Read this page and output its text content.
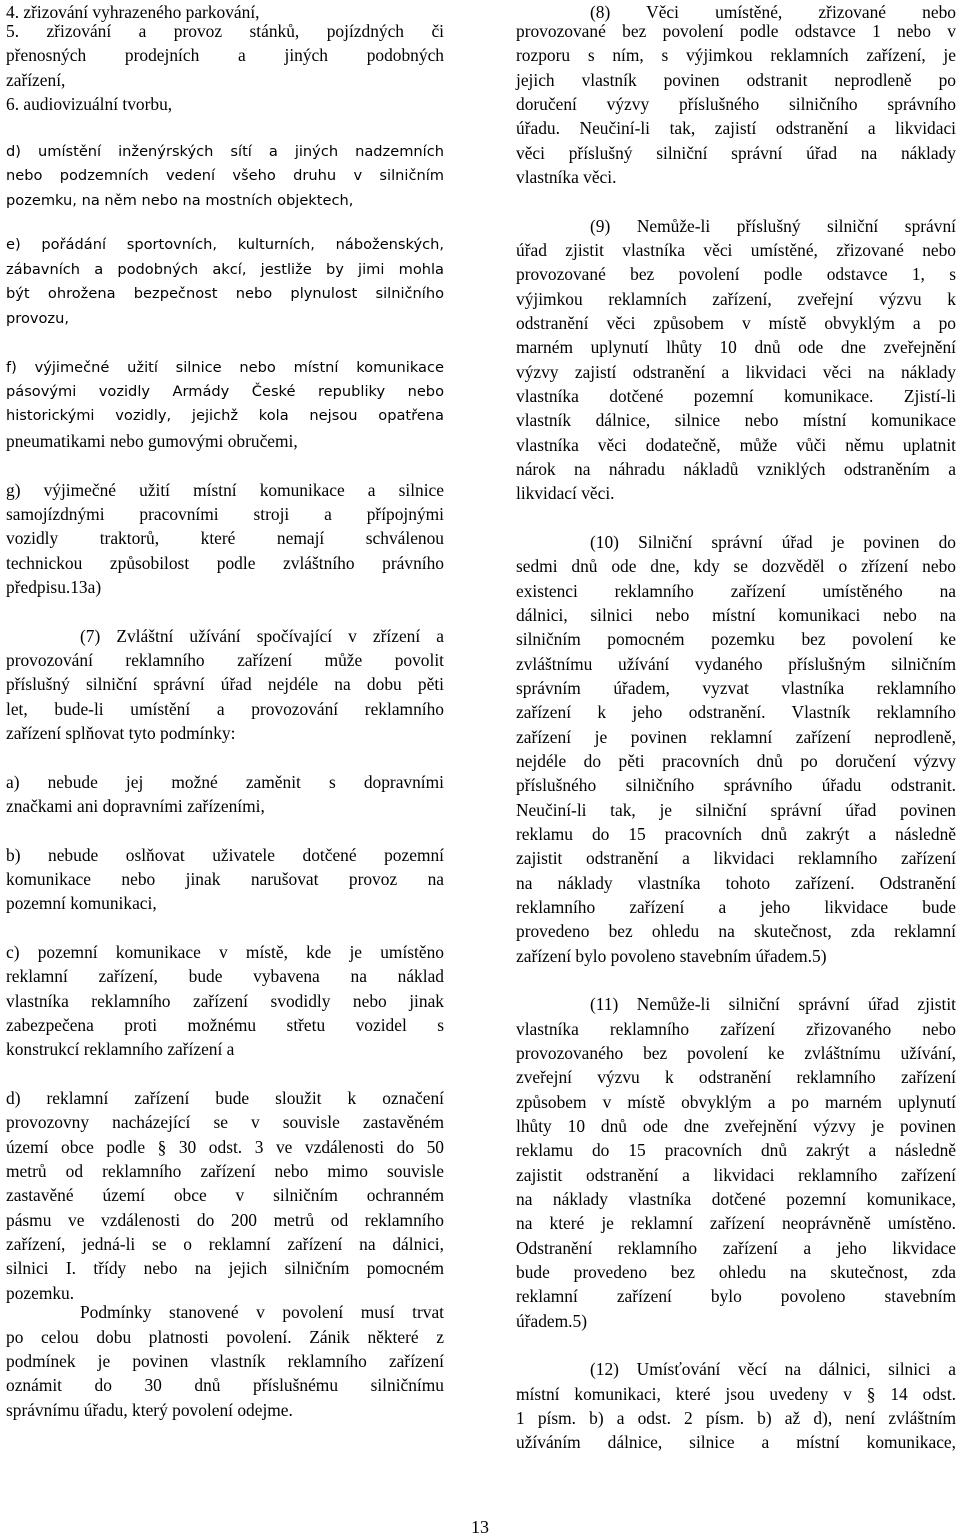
4. zřizování vyhrazeného parkování,
5. zřizování a provoz stánků, pojízdných či
přenosných prodejních a jiných podobných
zařízení,
6. audiovizuální tvorbu,
d) umístění inženýrských sítí a jiných nadzemních
nebo podzemních vedení všeho druhu v silničním
pozemku, na něm nebo na mostních objektech,
e) pořádání sportovních, kulturních, náboženských,
zábavních a podobných akcí, jestliže by jimi mohla
být ohrožena bezpečnost nebo plynulost silničního
provozu,
f) výjimečné užití silnice nebo místní komunikace
pásovými vozidly Armády České republiky nebo
historickými vozidly, jejichž kola nejsou opatřena
pneumatikami nebo gumovými obručemi,
g) výjimečné užití místní komunikace a silnice
samojízdnými pracovními stroji a přípojnými
vozidly traktorů, které nemají schválenou
technickou způsobilost podle zvláštního právního
předpisu.13a)
(7) Zvláštní užívání spočívající v zřízení a
provozování reklamního zařízení může povolit
příslušný silniční správní úřad nejdéle na dobu pěti
let, bude-li umístění a provozování reklamního
zařízení splňovat tyto podmínky:
a) nebude jej možné zaměnit s dopravními
značkami ani dopravními zařízeními,
b) nebude oslňovat uživatele dotčené pozemní
komunikace nebo jinak narušovat provoz na
pozemní komunikaci,
c) pozemní komunikace v místě, kde je umístěno
reklamní zařízení, bude vybavena na náklad
vlastníka reklamního zařízení svodidly nebo jinak
zabezpečena proti možnému střetu vozidel s
konstrukcí reklamního zařízení a
d) reklamní zařízení bude sloužit k označení
provozovny nacházející se v souvisle zastavěném
území obce podle § 30 odst. 3 ve vzdálenosti do 50
metrů od reklamního zařízení nebo mimo souvisle
zastavěné území obce v silničním ochranném
pásmu ve vzdálenosti do 200 metrů od reklamního
zařízení, jedná-li se o reklamní zařízení na dálnici,
silnici I. třídy nebo na jejich silničním pomocném
pozemku.
Podmínky stanovené v povolení musí trvat
po celou dobu platnosti povolení. Zánik některé z
podmínek je povinen vlastník reklamního zařízení
oznámit do 30 dnů příslušnému silničnímu
správnímu úřadu, který povolení odejme.
(8) Věci umístěné, zřizované nebo
provozované bez povolení podle odstavce 1 nebo v
rozporu s ním, s výjimkou reklamních zařízení, je
jejich vlastník povinen odstranit neprodleně po
doručení výzvy příslušného silničního správního
úřadu. Neučiní-li tak, zajistí odstranění a likvidaci
věci příslušný silniční správní úřad na náklady
vlastníka věci.
(9) Nemůže-li příslušný silniční správní
úřad zjistit vlastníka věci umístěné, zřizované nebo
provozované bez povolení podle odstavce 1, s
výjimkou reklamních zařízení, zveřejní výzvu k
odstranění věci způsobem v místě obvyklým a po
marném uplynutí lhůty 10 dnů ode dne zveřejnění
výzvy zajistí odstranění a likvidaci věci na náklady
vlastníka dotčené pozemní komunikace. Zjistí-li
vlastník dálnice, silnice nebo místní komunikace
vlastníka věci dodatečně, může vůči němu uplatnit
nárok na náhradu nákladů vzniklých odstraněním a
likvidací věci.
(10) Silniční správní úřad je povinen do
sedmi dnů ode dne, kdy se dozvěděl o zřízení nebo
existenci reklamního zařízení umístěného na
dálnici, silnici nebo místní komunikaci nebo na
silničním pomocném pozemku bez povolení ke
zvláštnímu užívání vydaného příslušným silničním
správním úřadem, vyzvat vlastníka reklamního
zařízení k jeho odstranění. Vlastník reklamního
zařízení je povinen reklamní zařízení neprodleně,
nejdéle do pěti pracovních dnů po doručení výzvy
příslušného silničního správního úřadu odstranit.
Neučiní-li tak, je silniční správní úřad povinen
reklamu do 15 pracovních dnů zakrýt a následně
zajistit odstranění a likvidaci reklamního zařízení
na náklady vlastníka tohoto zařízení. Odstranění
reklamního zařízení a jeho likvidace bude
provedeno bez ohledu na skutečnost, zda reklamní
zařízení bylo povoleno stavebním úřadem.5)
(11) Nemůže-li silniční správní úřad zjistit
vlastníka reklamního zařízení zřizovaného nebo
provozovaného bez povolení ke zvláštnímu užívání,
zveřejní výzvu k odstranění reklamního zařízení
způsobem v místě obvyklým a po marném uplynutí
lhůty 10 dnů ode dne zveřejnění výzvy je povinen
reklamu do 15 pracovních dnů zakrýt a následně
zajistit odstranění a likvidaci reklamního zařízení
na náklady vlastníka dotčené pozemní komunikace,
na které je reklamní zařízení neoprávněně umístěno.
Odstranění reklamního zařízení a jeho likvidace
bude provedeno bez ohledu na skutečnost, zda
reklamní zařízení bylo povoleno stavebním
úřadem.5)
(12) Umísťování věcí na dálnici, silnici a
místní komunikaci, které jsou uvedeny v § 14 odst.
1 písm. b) a odst. 2 písm. b) až d), není zvláštním
užíváním dálnice, silnice a místní komunikace,
13
